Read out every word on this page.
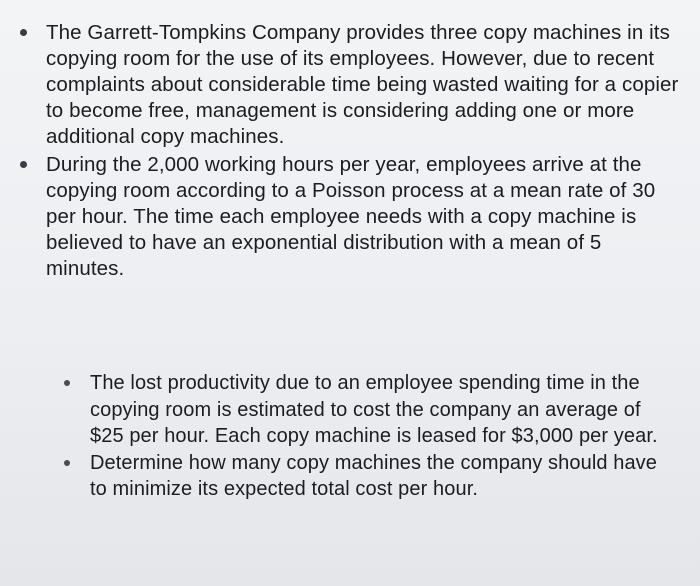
The Garrett-Tompkins Company provides three copy machines in its copying room for the use of its employees. However, due to recent complaints about considerable time being wasted waiting for a copier to become free, management is considering adding one or more additional copy machines.
During the 2,000 working hours per year, employees arrive at the copying room according to a Poisson process at a mean rate of 30 per hour. The time each employee needs with a copy machine is believed to have an exponential distribution with a mean of 5 minutes.
The lost productivity due to an employee spending time in the copying room is estimated to cost the company an average of $25 per hour. Each copy machine is leased for $3,000 per year.
Determine how many copy machines the company should have to minimize its expected total cost per hour.
